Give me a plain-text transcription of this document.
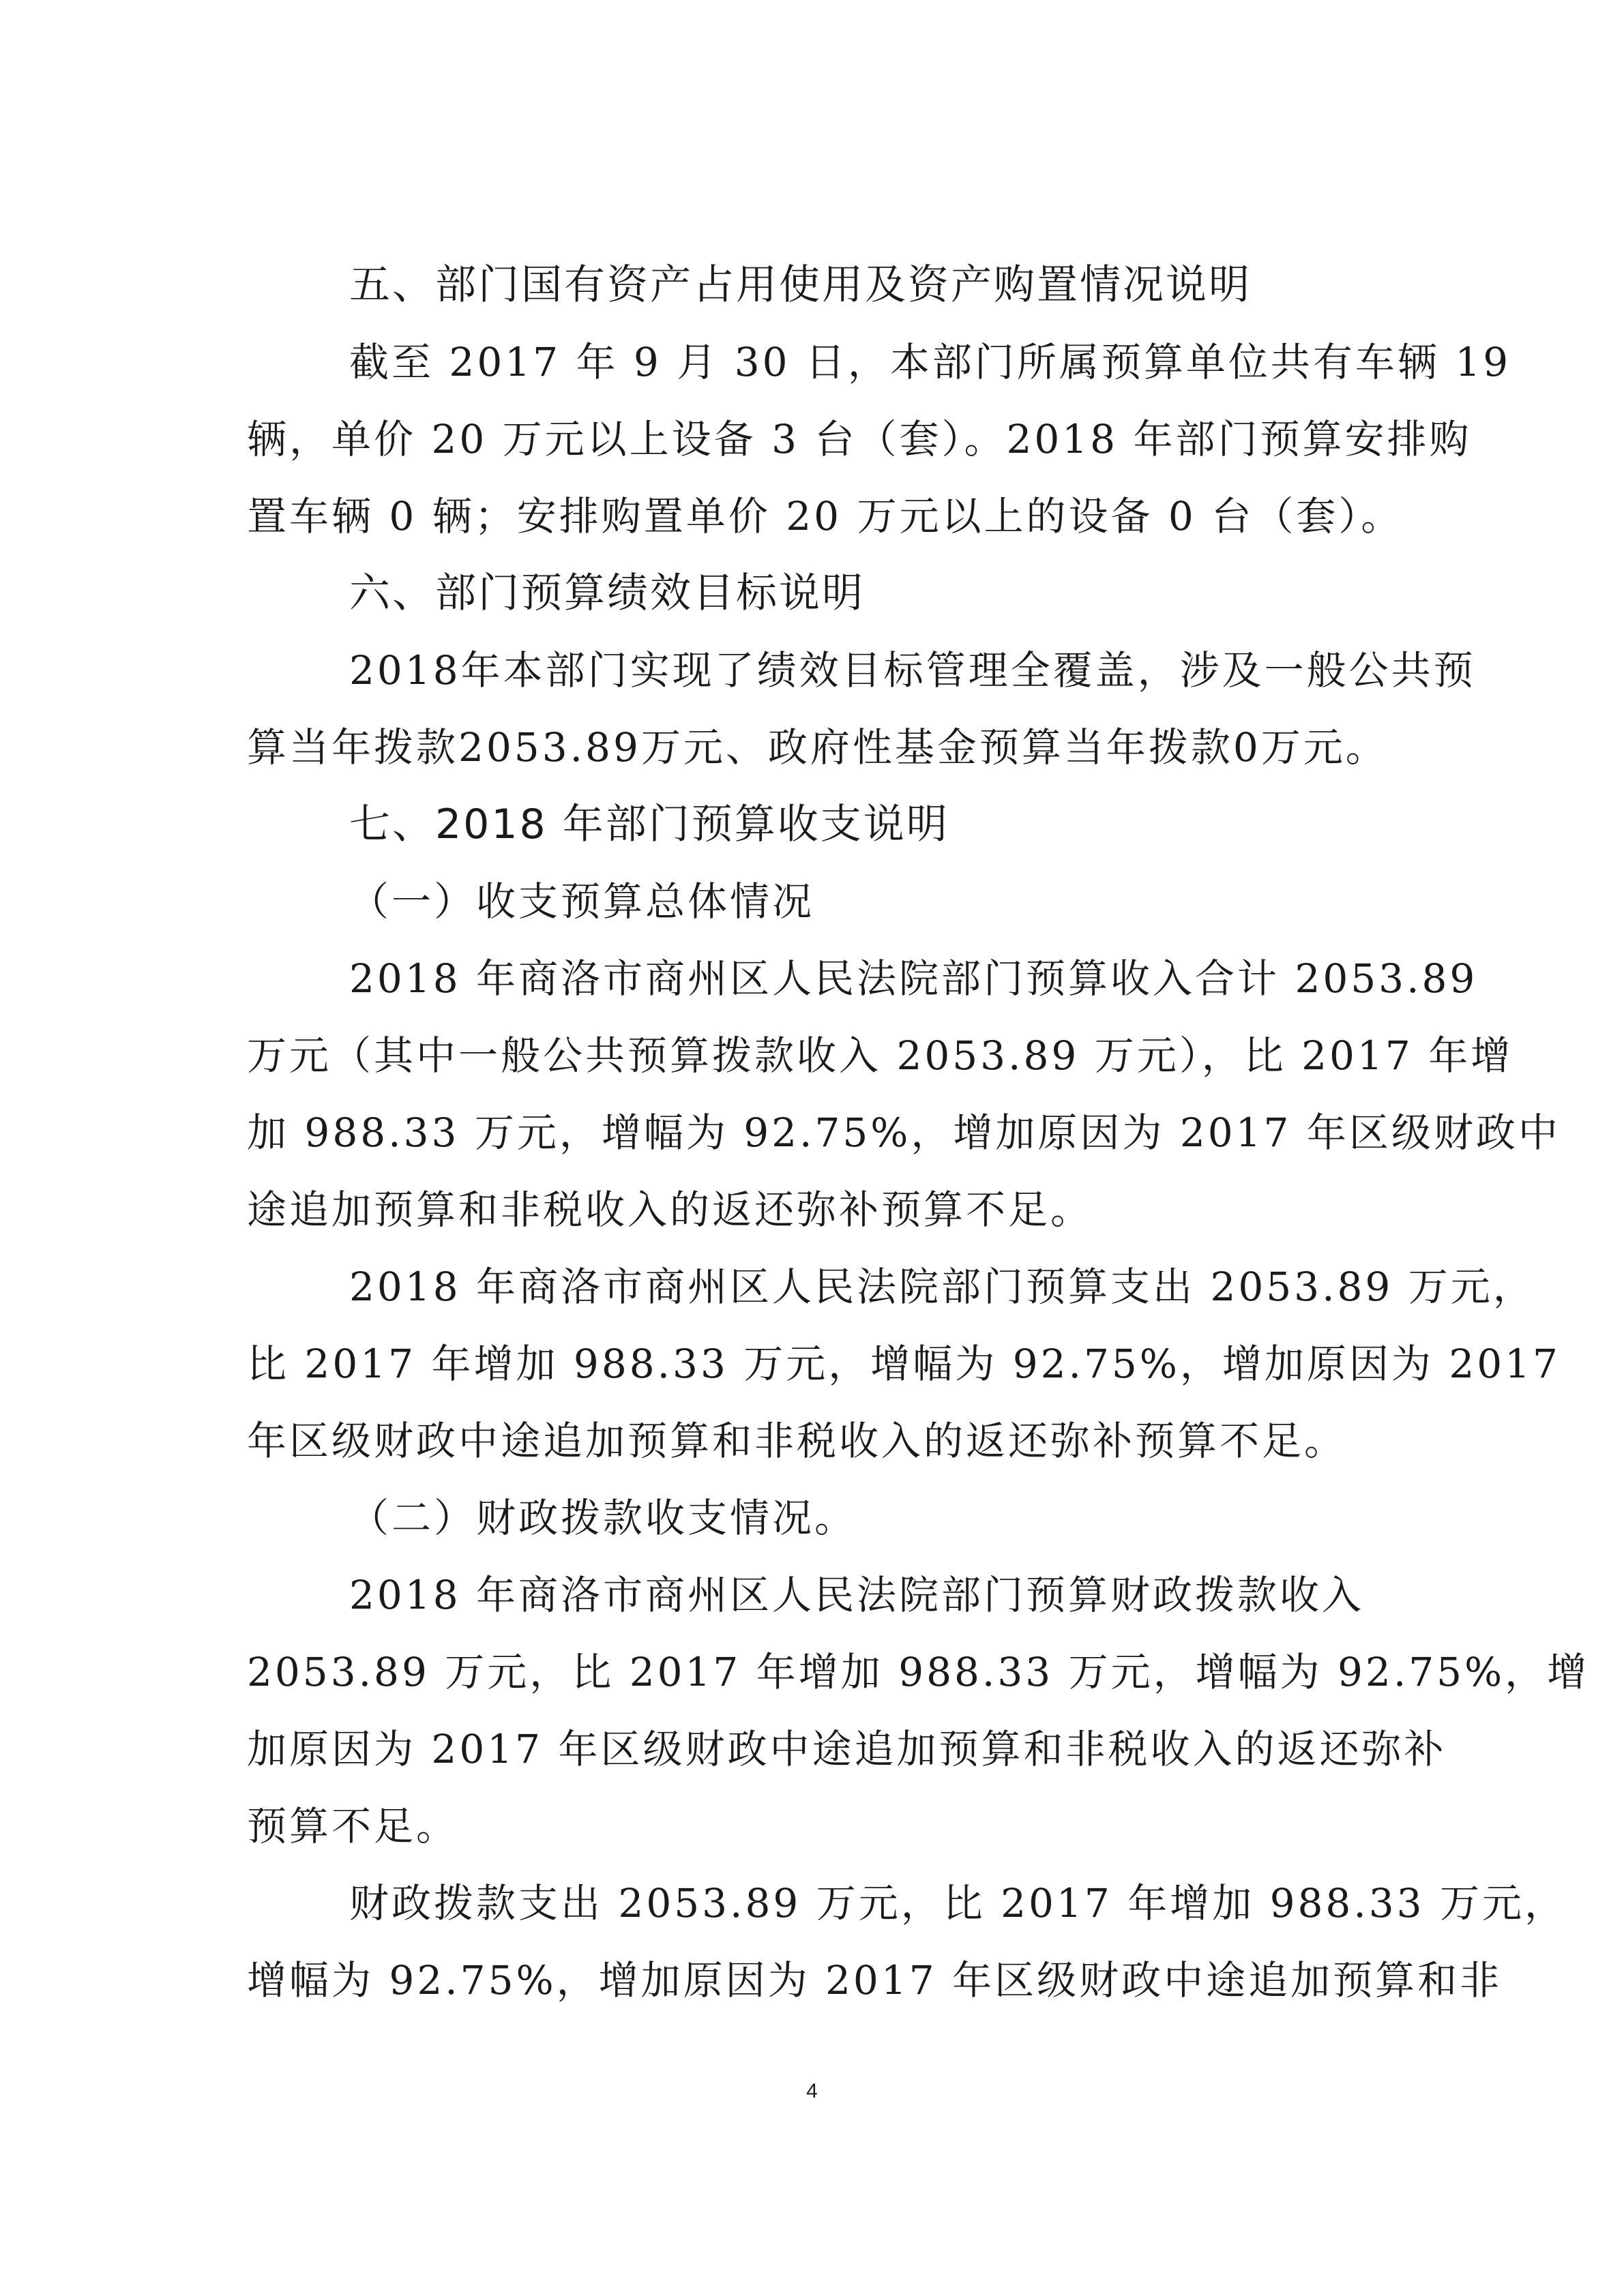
五、部门国有资产占用使用及资产购置情况说明
截至 2017 年 9 月 30 日，本部门所属预算单位共有车辆 19
辆，单价 20 万元以上设备 3 台（套）。2018 年部门预算安排购
置车辆 0 辆；安排购置单价 20 万元以上的设备 0 台（套）。
六、部门预算绩效目标说明
2018年本部门实现了绩效目标管理全覆盖，涉及一般公共预
算当年拨款2053.89万元、政府性基金预算当年拨款0万元。
七、2018 年部门预算收支说明
（一）收支预算总体情况
2018 年商洛市商州区人民法院部门预算收入合计 2053.89
万元（其中一般公共预算拨款收入 2053.89 万元），比 2017 年增
加 988.33 万元，增幅为 92.75%，增加原因为 2017 年区级财政中
途追加预算和非税收入的返还弥补预算不足。
2018 年商洛市商州区人民法院部门预算支出 2053.89 万元，
比 2017 年增加 988.33 万元，增幅为 92.75%，增加原因为 2017
年区级财政中途追加预算和非税收入的返还弥补预算不足。
（二）财政拨款收支情况。
2018 年商洛市商州区人民法院部门预算财政拨款收入
2053.89 万元，比 2017 年增加 988.33 万元，增幅为 92.75%，增
加原因为 2017 年区级财政中途追加预算和非税收入的返还弥补
预算不足。
财政拨款支出 2053.89 万元，比 2017 年增加 988.33 万元，
增幅为 92.75%，增加原因为 2017 年区级财政中途追加预算和非
4
